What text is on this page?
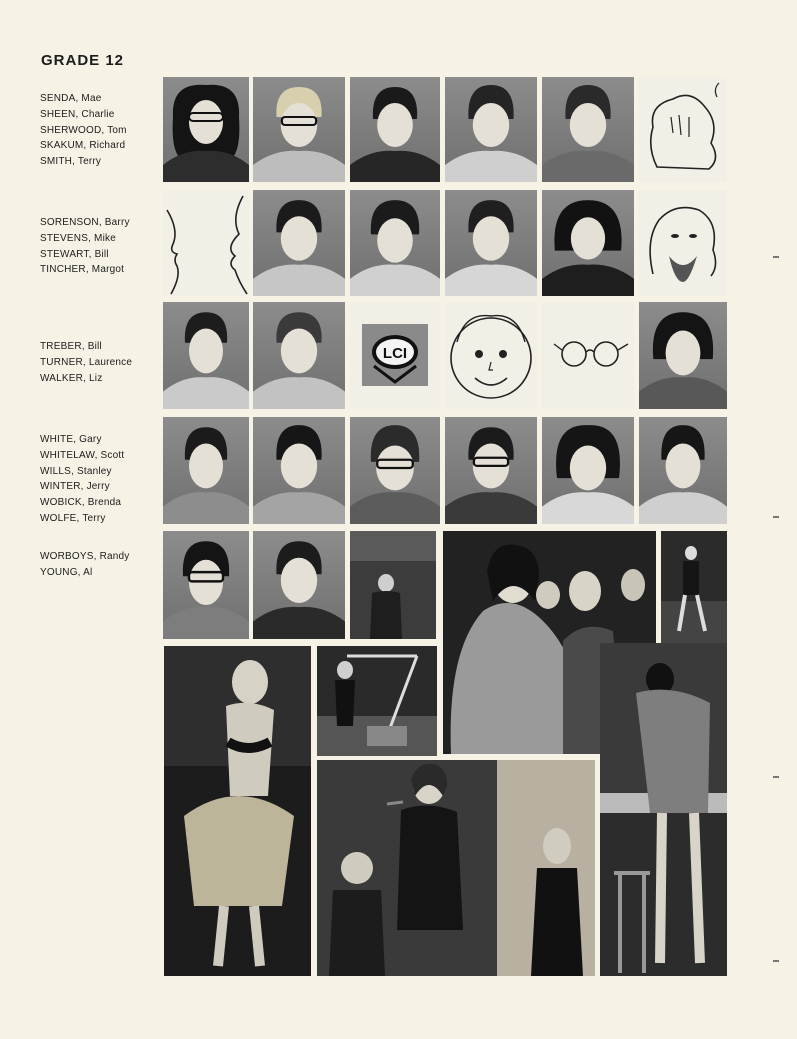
GRADE 12
SENDA, Mae
SHEEN, Charlie
SHERWOOD, Tom
SKAKUM, Richard
SMITH, Terry
SORENSON, Barry
STEVENS, Mike
STEWART, Bill
TINCHER, Margot
TREBER, Bill
TURNER, Laurence
WALKER, Liz
WHITE, Gary
WHITELAW, Scott
WILLS, Stanley
WINTER, Jerry
WOBICK, Brenda
WOLFE, Terry
WORBOYS, Randy
YOUNG, Al
LCI
